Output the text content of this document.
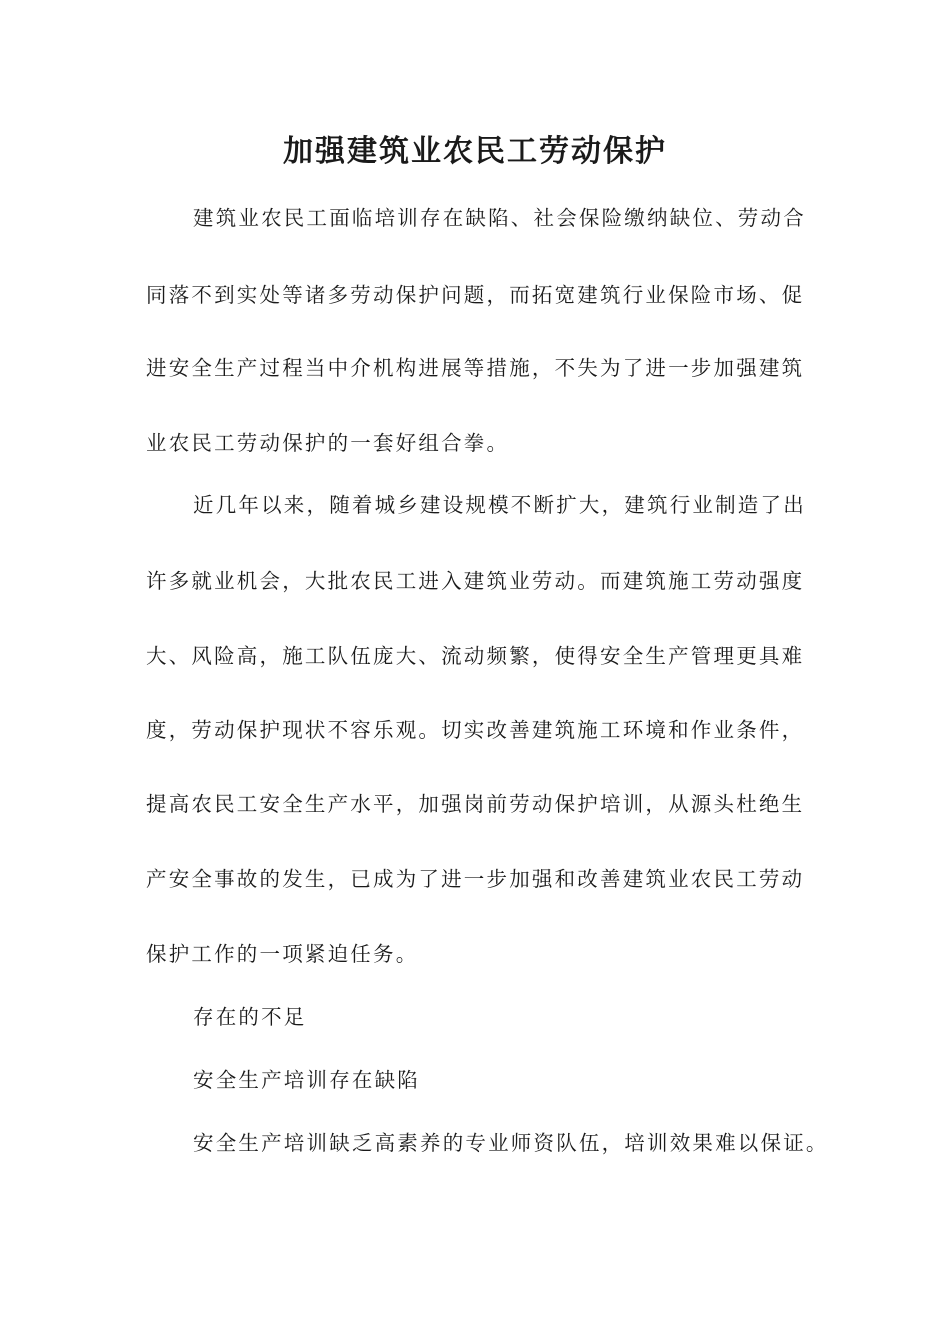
加强建筑业农民工劳动保护

建筑业农民工面临培训存在缺陷、社会保险缴纳缺位、劳动合

同落不到实处等诸多劳动保护问题，而拓宽建筑行业保险市场、促

进安全生产过程当中介机构进展等措施，不失为了进一步加强建筑

业农民工劳动保护的一套好组合拳。

近几年以来，随着城乡建设规模不断扩大，建筑行业制造了出

许多就业机会，大批农民工进入建筑业劳动。而建筑施工劳动强度

大、风险高，施工队伍庞大、流动频繁，使得安全生产管理更具难

度，劳动保护现状不容乐观。切实改善建筑施工环境和作业条件，

提高农民工安全生产水平，加强岗前劳动保护培训，从源头杜绝生

产安全事故的发生，已成为了进一步加强和改善建筑业农民工劳动

保护工作的一项紧迫任务。

存在的不足

安全生产培训存在缺陷

安全生产培训缺乏高素养的专业师资队伍，培训效果难以保证。
